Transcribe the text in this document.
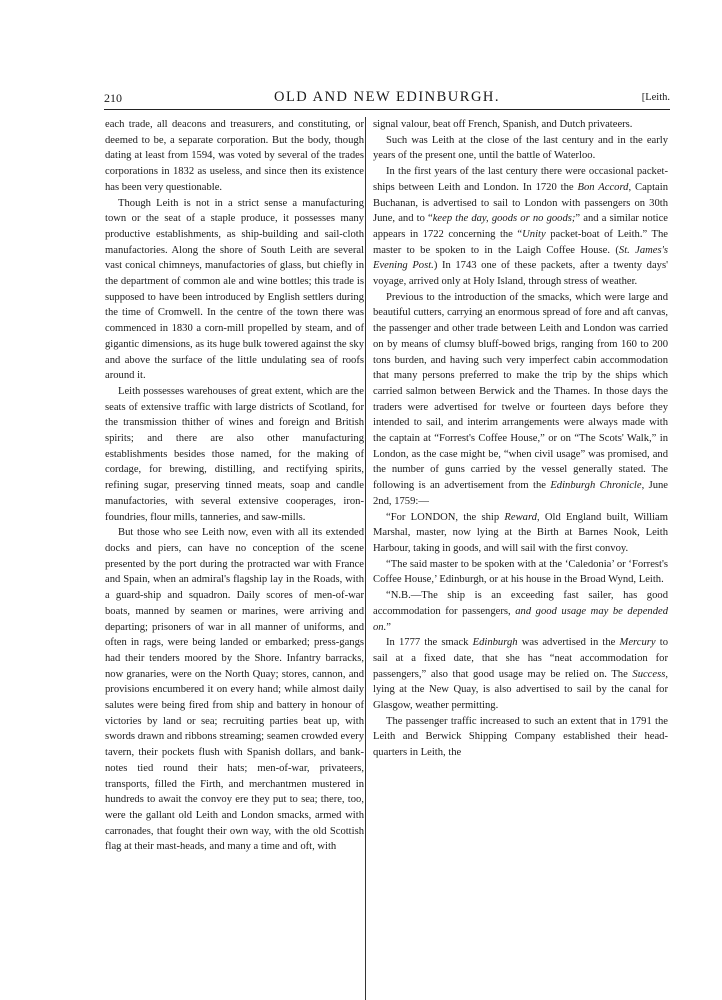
210	OLD AND NEW EDINBURGH.	[Leith.

each trade, all deacons and treasurers, and constituting, or deemed to be, a separate corporation. But the body, though dating at least from 1594, was voted by several of the trades corporations in 1832 as useless, and since then its existence has been very questionable.

Though Leith is not in a strict sense a manufacturing town or the seat of a staple produce, it possesses many productive establishments, as ship-building and sail-cloth manufactories. Along the shore of South Leith are several vast conical chimneys, manufactories of glass, but chiefly in the department of common ale and wine bottles; this trade is supposed to have been introduced by English settlers during the time of Cromwell. In the centre of the town there was commenced in 1830 a corn-mill propelled by steam, and of gigantic dimensions, as its huge bulk towered against the sky and above the surface of the little undulating sea of roofs around it.

Leith possesses warehouses of great extent, which are the seats of extensive traffic with large districts of Scotland, for the transmission thither of wines and foreign and British spirits; and there are also other manufacturing establishments besides those named, for the making of cordage, for brewing, distilling, and rectifying spirits, refining sugar, preserving tinned meats, soap and candle manufactories, with several extensive cooperages, iron-foundries, flour mills, tanneries, and saw-mills.

But those who see Leith now, even with all its extended docks and piers, can have no conception of the scene presented by the port during the protracted war with France and Spain, when an admiral's flagship lay in the Roads, with a guard-ship and squadron. Daily scores of men-of-war boats, manned by seamen or marines, were arriving and departing; prisoners of war in all manner of uniforms, and often in rags, were being landed or embarked; press-gangs had their tenders moored by the Shore. Infantry barracks, now granaries, were on the North Quay; stores, cannon, and provisions encumbered it on every hand; while almost daily salutes were being fired from ship and battery in honour of victories by land or sea; recruiting parties beat up, with swords drawn and ribbons streaming; seamen crowded every tavern, their pockets flush with Spanish dollars, and bank-notes tied round their hats; men-of-war, privateers, transports, filled the Firth, and merchantmen mustered in hundreds to await the convoy ere they put to sea; there, too, were the gallant old Leith and London smacks, armed with carronades, that fought their own way, with the old Scottish flag at their mast-heads, and many a time and oft, with

signal valour, beat off French, Spanish, and Dutch privateers.

Such was Leith at the close of the last century and in the early years of the present one, until the battle of Waterloo.

In the first years of the last century there were occasional packet-ships between Leith and London. In 1720 the Bon Accord, Captain Buchanan, is advertised to sail to London with passengers on 30th June, and to “keep the day, goods or no goods;” and a similar notice appears in 1722 concerning the “Unity packet-boat of Leith.” The master to be spoken to in the Laigh Coffee House. (St. James's Evening Post.) In 1743 one of these packets, after a twenty days' voyage, arrived only at Holy Island, through stress of weather.

Previous to the introduction of the smacks, which were large and beautiful cutters, carrying an enormous spread of fore and aft canvas, the passenger and other trade between Leith and London was carried on by means of clumsy bluff-bowed brigs, ranging from 160 to 200 tons burden, and having such very imperfect cabin accommodation that many persons preferred to make the trip by the ships which carried salmon between Berwick and the Thames. In those days the traders were advertised for twelve or fourteen days before they intended to sail, and interim arrangements were always made with the captain at “Forrest's Coffee House,” or on “The Scots' Walk,” in London, as the case might be, “when civil usage” was promised, and the number of guns carried by the vessel generally stated. The following is an advertisement from the Edinburgh Chronicle, June 2nd, 1759:—

“For LONDON, the ship Reward, Old England built, William Marshal, master, now lying at the Birth at Barnes Nook, Leith Harbour, taking in goods, and will sail with the first convoy.

“The said master to be spoken with at the ‘Caledonia’ or ‘Forrest's Coffee House,’ Edinburgh, or at his house in the Broad Wynd, Leith.

“N.B.—The ship is an exceeding fast sailer, has good accommodation for passengers, and good usage may be depended on.”

In 1777 the smack Edinburgh was advertised in the Mercury to sail at a fixed date, that she has “neat accommodation for passengers,” also that good usage may be relied on. The Success, lying at the New Quay, is also advertised to sail by the canal for Glasgow, weather permitting.

The passenger traffic increased to such an extent that in 1791 the Leith and Berwick Shipping Company established their head-quarters in Leith, the
